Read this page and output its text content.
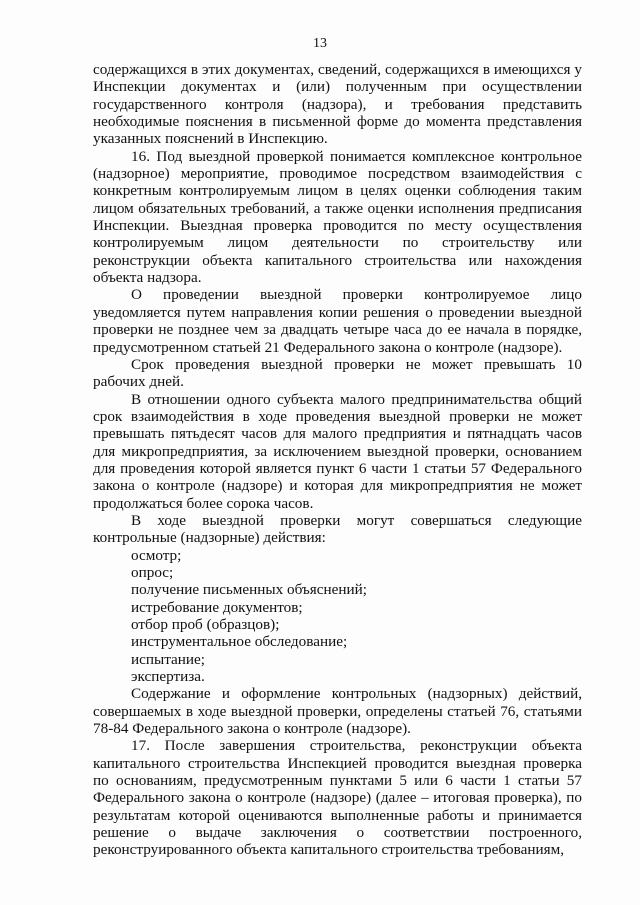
13

содержащихся в этих документах, сведений, содержащихся в имеющихся у Инспекции документах и (или) полученным при осуществлении государственного контроля (надзора), и требования представить необходимые пояснения в письменной форме до момента представления указанных пояснений в Инспекцию.

16. Под выездной проверкой понимается комплексное контрольное (надзорное) мероприятие, проводимое посредством взаимодействия с конкретным контролируемым лицом в целях оценки соблюдения таким лицом обязательных требований, а также оценки исполнения предписания Инспекции. Выездная проверка проводится по месту осуществления контролируемым лицом деятельности по строительству или реконструкции объекта капитального строительства или нахождения объекта надзора.

О проведении выездной проверки контролируемое лицо уведомляется путем направления копии решения о проведении выездной проверки не позднее чем за двадцать четыре часа до ее начала в порядке, предусмотренном статьей 21 Федерального закона о контроле (надзоре).

Срок проведения выездной проверки не может превышать 10 рабочих дней.

В отношении одного субъекта малого предпринимательства общий срок взаимодействия в ходе проведения выездной проверки не может превышать пятьдесят часов для малого предприятия и пятнадцать часов для микропредприятия, за исключением выездной проверки, основанием для проведения которой является пункт 6 части 1 статьи 57 Федерального закона о контроле (надзоре) и которая для микропредприятия не может продолжаться более сорока часов.

В ходе выездной проверки могут совершаться следующие контрольные (надзорные) действия:

осмотр;

опрос;

получение письменных объяснений;

истребование документов;

отбор проб (образцов);

инструментальное обследование;

испытание;

экспертиза.

Содержание и оформление контрольных (надзорных) действий, совершаемых в ходе выездной проверки, определены статьей 76, статьями 78-84 Федерального закона о контроле (надзоре).

17. После завершения строительства, реконструкции объекта капитального строительства Инспекцией проводится выездная проверка по основаниям, предусмотренным пунктами 5 или 6 части 1 статьи 57 Федерального закона о контроле (надзоре) (далее – итоговая проверка), по результатам которой оцениваются выполненные работы и принимается решение о выдаче заключения о соответствии построенного, реконструированного объекта капитального строительства требованиям,
